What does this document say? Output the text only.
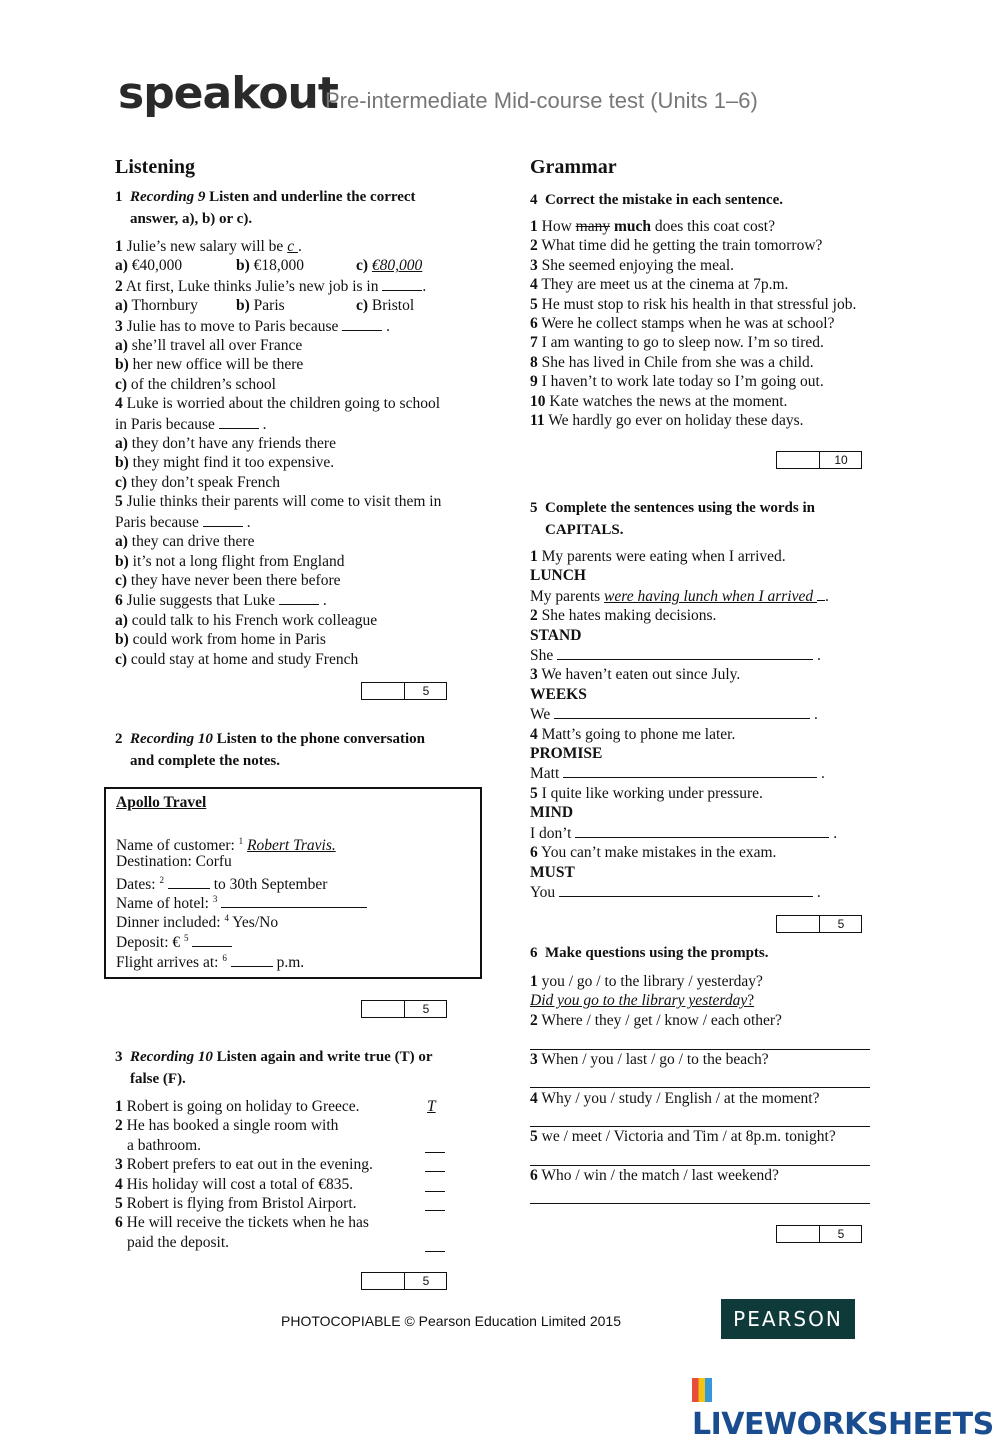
speakout
Pre-intermediate Mid-course test (Units 1–6)
Listening
1 Recording 9 Listen and underline the correct
answer, a), b) or c).
1 Julie’s new salary will be c .
a) €40,000	b) €18,000	c) €80,000
2 At first, Luke thinks Julie’s new job is in	.
a) Thornbury b) Paris	c) Bristol
3 Julie has to move to Paris because	.
a) she’ll travel all over France
b) her new office will be there
c) of the children’s school
4 Luke is worried about the children going to school
in Paris because	.
a) they don’t have any friends there
b) they might find it too expensive.
c) they don’t speak French
5 Julie thinks their parents will come to visit them in
Paris because	.
a) they can drive there
b) it’s not a long flight from England
c) they have never been there before
6 Julie suggests that Luke	.
a) could talk to his French work colleague
b) could work from home in Paris
c) could stay at home and study French
5
2 Recording 10 Listen to the phone conversation
and complete the notes.
Apollo Travel
Name of customer: $^1$ Robert Travis.
Destination: Corfu
Dates: $^2$	to 30th September
Name of hotel: $^3$
Dinner included: $^4$ Yes/No
Deposit: € $^5$
Flight arrives at: $^6$	p.m.
5
3 Recording 10 Listen again and write true (T) or
false (F).
1 Robert is going on holiday to Greece.	T
2 He has booked a single room with
a bathroom.
3 Robert prefers to eat out in the evening.
4 His holiday will cost a total of €835.
5 Robert is flying from Bristol Airport.
6 He will receive the tickets when he has
paid the deposit.
5
Grammar
4 Correct the mistake in each sentence.
1 How many much does this coat cost?
2 What time did he getting the train tomorrow?
3 She seemed enjoying the meal.
4 They are meet us at the cinema at 7p.m.
5 He must stop to risk his health in that stressful job.
6 Were he collect stamps when he was at school?
7 I am wanting to go to sleep now. I’m so tired.
8 She has lived in Chile from she was a child.
9 I haven’t to work late today so I’m going out.
10 Kate watches the news at the moment.
11 We hardly go ever on holiday these days.
10
5 Complete the sentences using the words in
CAPITALS.
1 My parents were eating when I arrived.
LUNCH
My parents were having lunch when I arrived .
2 She hates making decisions.
STAND
She	.
3 We haven’t eaten out since July.
WEEKS
We	.
4 Matt’s going to phone me later.
PROMISE
Matt	.
5 I quite like working under pressure.
MIND
I don’t	.
6 You can’t make mistakes in the exam.
MUST
You	.
5
6 Make questions using the prompts.
1 you / go / to the library / yesterday?
Did you go to the library yesterday?
2 Where / they / get / know / each other?
3 When / you / last / go / to the beach?
4 Why / you / study / English / at the moment?
5 we / meet / Victoria and Tim / at 8p.m. tonight?
6 Who / win / the match / last weekend?
5
PHOTOCOPIABLE © Pearson Education Limited 2015	PEARSON
LIVEWORKSHEETS
